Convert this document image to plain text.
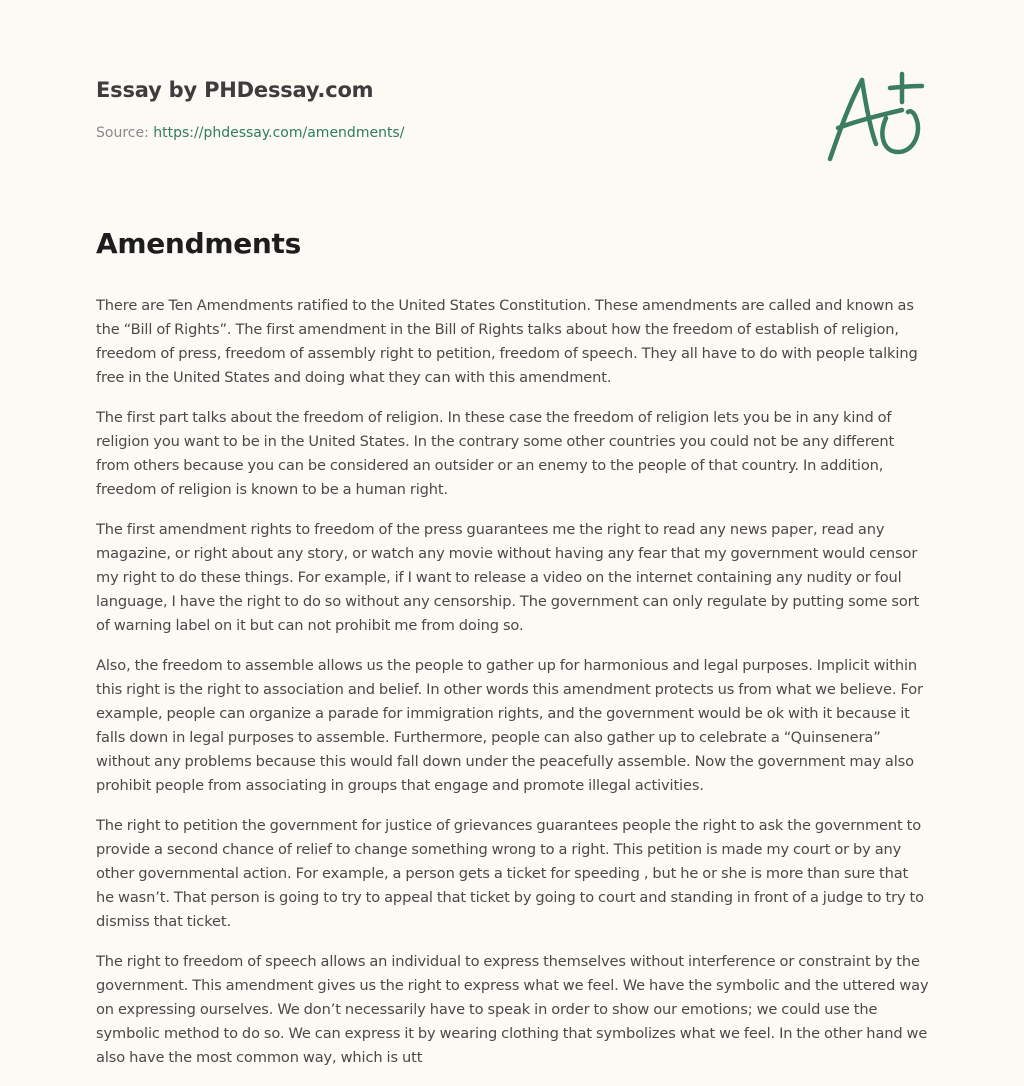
Essay by PHDessay.com
Source: https://phdessay.com/amendments/
Amendments

There are Ten Amendments ratified to the United States Constitution. These amendments are called and known as the “Bill of Rights”. The first amendment in the Bill of Rights talks about how the freedom of establish of religion, freedom of press, freedom of assembly right to petition, freedom of speech. They all have to do with people talking free in the United States and doing what they can with this amendment.

The first part talks about the freedom of religion. In these case the freedom of religion lets you be in any kind of religion you want to be in the United States. In the contrary some other countries you could not be any different from others because you can be considered an outsider or an enemy to the people of that country. In addition, freedom of religion is known to be a human right.

The first amendment rights to freedom of the press guarantees me the right to read any news paper, read any magazine, or right about any story, or watch any movie without having any fear that my government would censor my right to do these things. For example, if I want to release a video on the internet containing any nudity or foul language, I have the right to do so without any censorship. The government can only regulate by putting some sort of warning label on it but can not prohibit me from doing so.

Also, the freedom to assemble allows us the people to gather up for harmonious and legal purposes. Implicit within this right is the right to association and belief. In other words this amendment protects us from what we believe. For example, people can organize a parade for immigration rights, and the government would be ok with it because it falls down in legal purposes to assemble. Furthermore, people can also gather up to celebrate a “Quinsenera” without any problems because this would fall down under the peacefully assemble. Now the government may also prohibit people from associating in groups that engage and promote illegal activities.

The right to petition the government for justice of grievances guarantees people the right to ask the government to provide a second chance of relief to change something wrong to a right. This petition is made my court or by any other governmental action. For example, a person gets a ticket for speeding , but he or she is more than sure that he wasn’t. That person is going to try to appeal that ticket by going to court and standing in front of a judge to try to dismiss that ticket.

The right to freedom of speech allows an individual to express themselves without interference or constraint by the government. This amendment gives us the right to express what we feel. We have the symbolic and the uttered way on expressing ourselves. We don’t necessarily have to speak in order to show our emotions; we could use the symbolic method to do so. We can express it by wearing clothing that symbolizes what we feel. In the other hand we also have the most common way, which is utt
